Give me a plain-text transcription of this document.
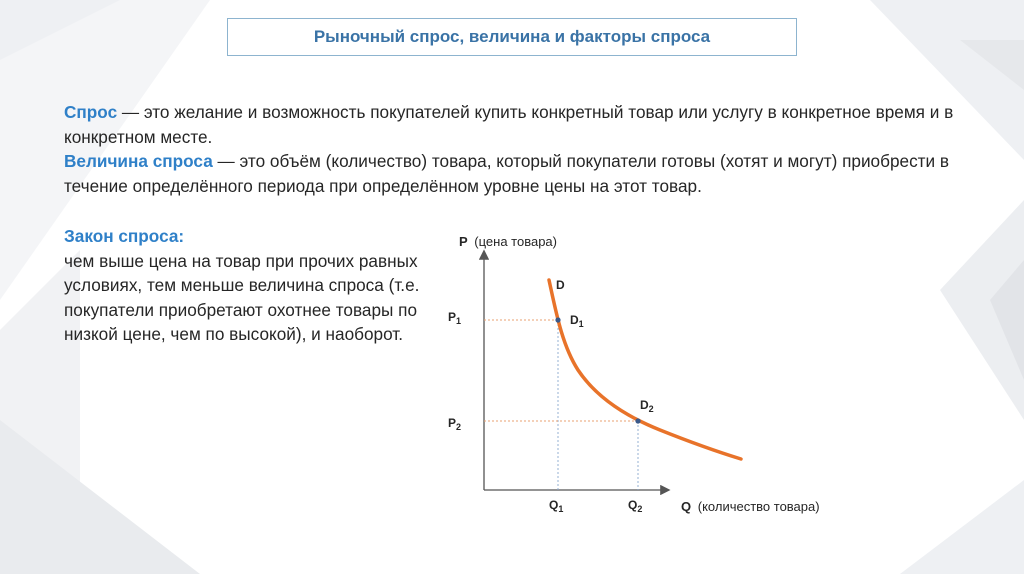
Рыночный спрос, величина и факторы спроса
Спрос — это желание и возможность покупателей купить конкретный товар или услугу в конкретное время и в конкретном месте.
Величина спроса — это объём (количество) товара, который покупатели готовы (хотят и могут) приобрести в течение определённого периода при определённом уровне цены на этот товар.
Закон спроса:
чем выше цена на товар при прочих равных условиях, тем меньше величина спроса (т.е. покупатели приобретают охотнее товары по низкой цене, чем по высокой), и наоборот.
P (цена товара)
Q (количество товара)
D
$D_1$
$D_2$
$P_1$
$P_2$
$Q_1$	$Q_2$
